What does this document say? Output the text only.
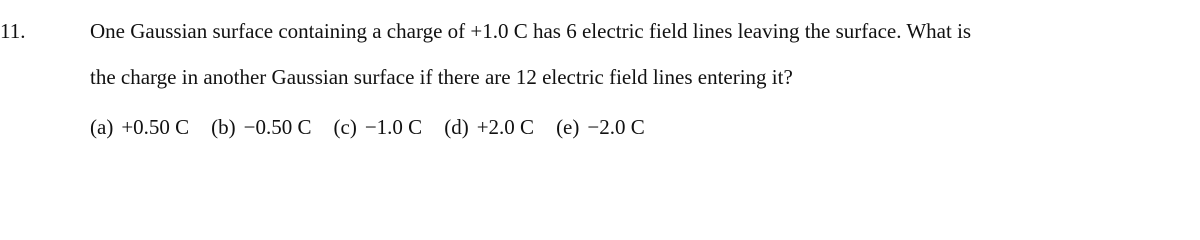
11.	One Gaussian surface containing a charge of +1.0 C has 6 electric field lines leaving the surface. What is
the charge in another Gaussian surface if there are 12 electric field lines entering it?
(a) +0.50 C (b) −0.50 C (c) −1.0 C (d) +2.0 C (e) −2.0 C
